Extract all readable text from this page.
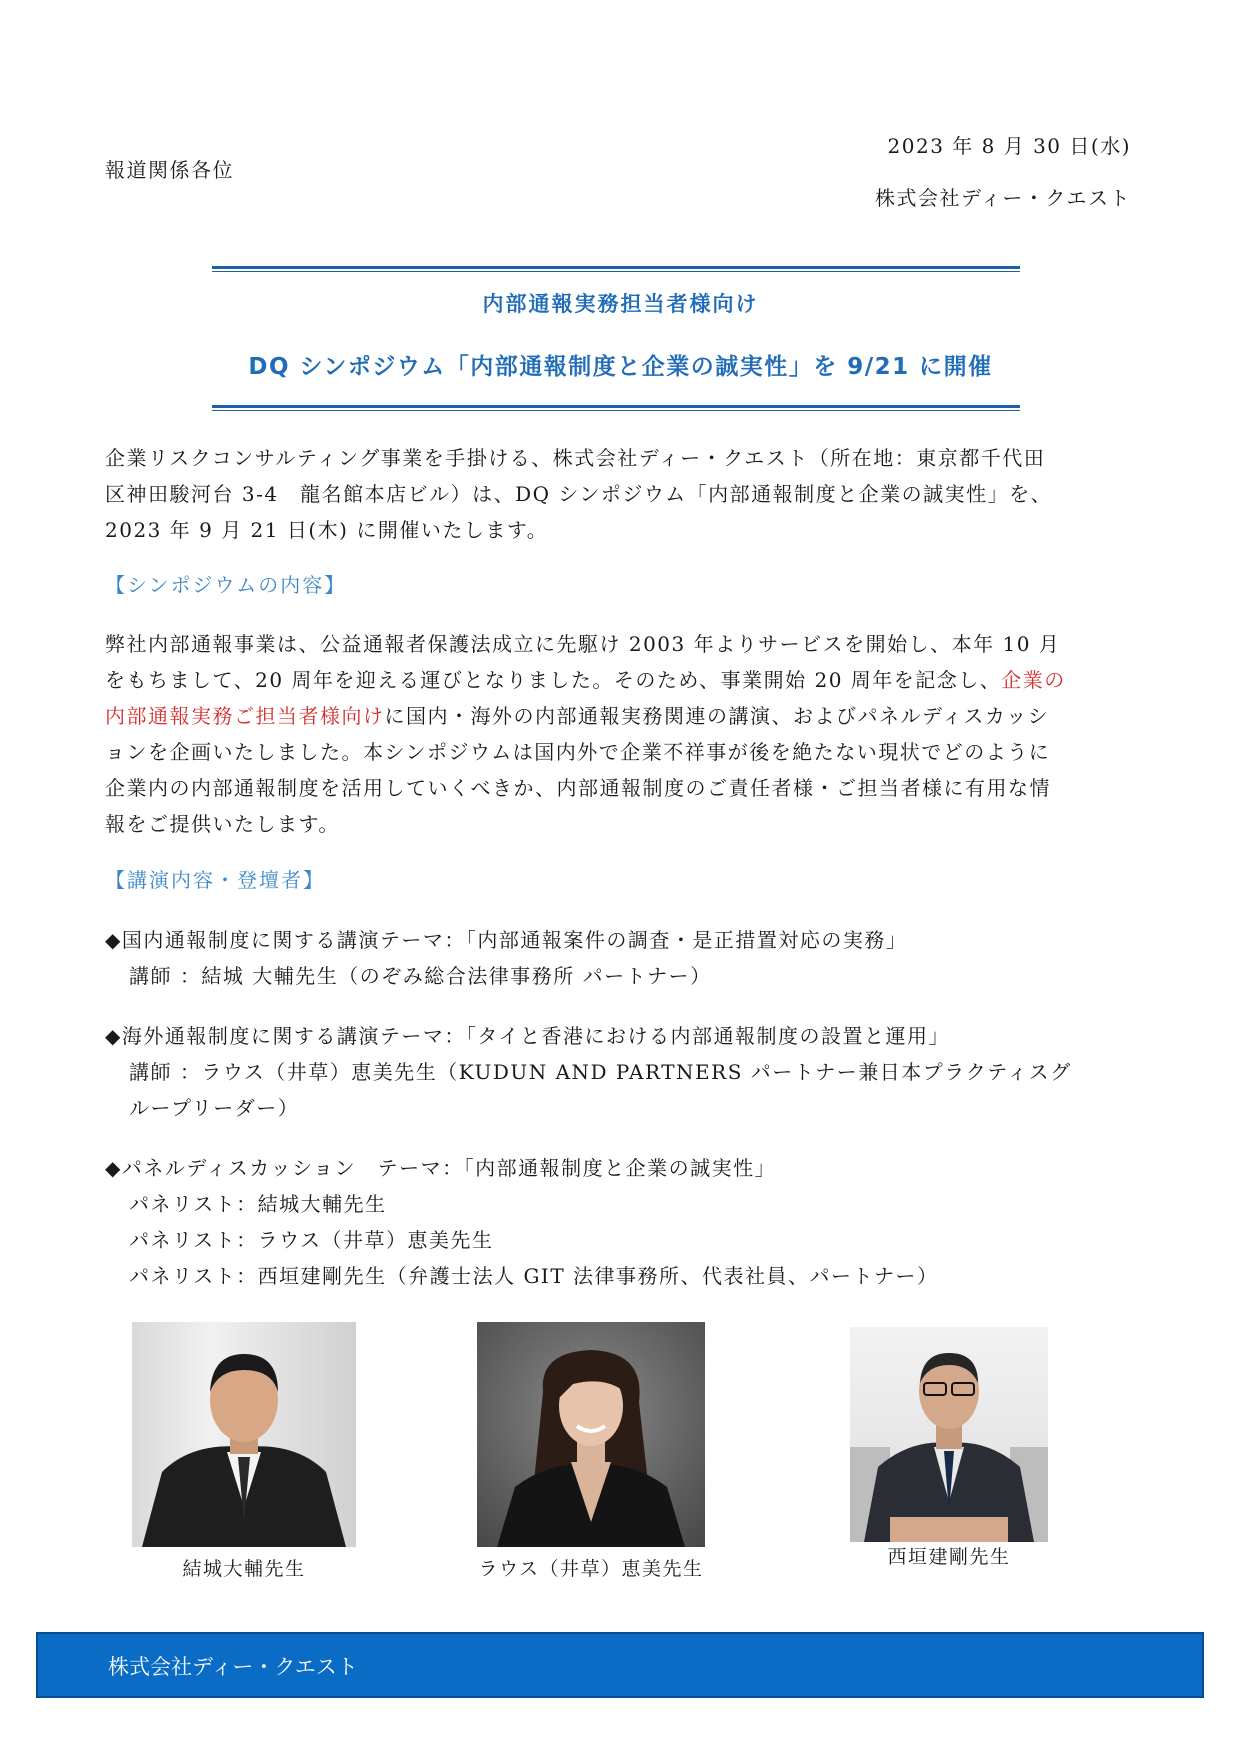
報道関係各位
2023 年 8 月 30 日(水)
株式会社ディー・クエスト
内部通報実務担当者様向け
DQ シンポジウム「内部通報制度と企業の誠実性」を 9/21 に開催
企業リスクコンサルティング事業を手掛ける、株式会社ディー・クエスト（所在地：東京都千代田
区神田駿河台 3-4　龍名館本店ビル）は、DQ シンポジウム「内部通報制度と企業の誠実性」を、
2023 年 9 月 21 日(木) に開催いたします。
【シンポジウムの内容】
弊社内部通報事業は、公益通報者保護法成立に先駆け 2003 年よりサービスを開始し、本年 10 月
をもちまして、20 周年を迎える運びとなりました。そのため、事業開始 20 周年を記念し、企業の
内部通報実務ご担当者様向けに国内・海外の内部通報実務関連の講演、およびパネルディスカッシ
ョンを企画いたしました。本シンポジウムは国内外で企業不祥事が後を絶たない現状でどのように
企業内の内部通報制度を活用していくべきか、内部通報制度のご責任者様・ご担当者様に有用な情
報をご提供いたします。
【講演内容・登壇者】
◆国内通報制度に関する講演テーマ：「内部通報案件の調査・是正措置対応の実務」
講師 ：結城 大輔先生（のぞみ総合法律事務所 パートナー）
◆海外通報制度に関する講演テーマ：「タイと香港における内部通報制度の設置と運用」
講師 ：ラウス（井草）恵美先生（KUDUN AND PARTNERS パートナー兼日本プラクティスグ
ループリーダー）
◆パネルディスカッション　テーマ：「内部通報制度と企業の誠実性」
パネリスト：結城大輔先生
パネリスト：ラウス（井草）恵美先生
パネリスト：西垣建剛先生（弁護士法人 GIT 法律事務所、代表社員、パートナー）
結城大輔先生	ラウス（井草）恵美先生
西垣建剛先生
株式会社ディー・クエスト
